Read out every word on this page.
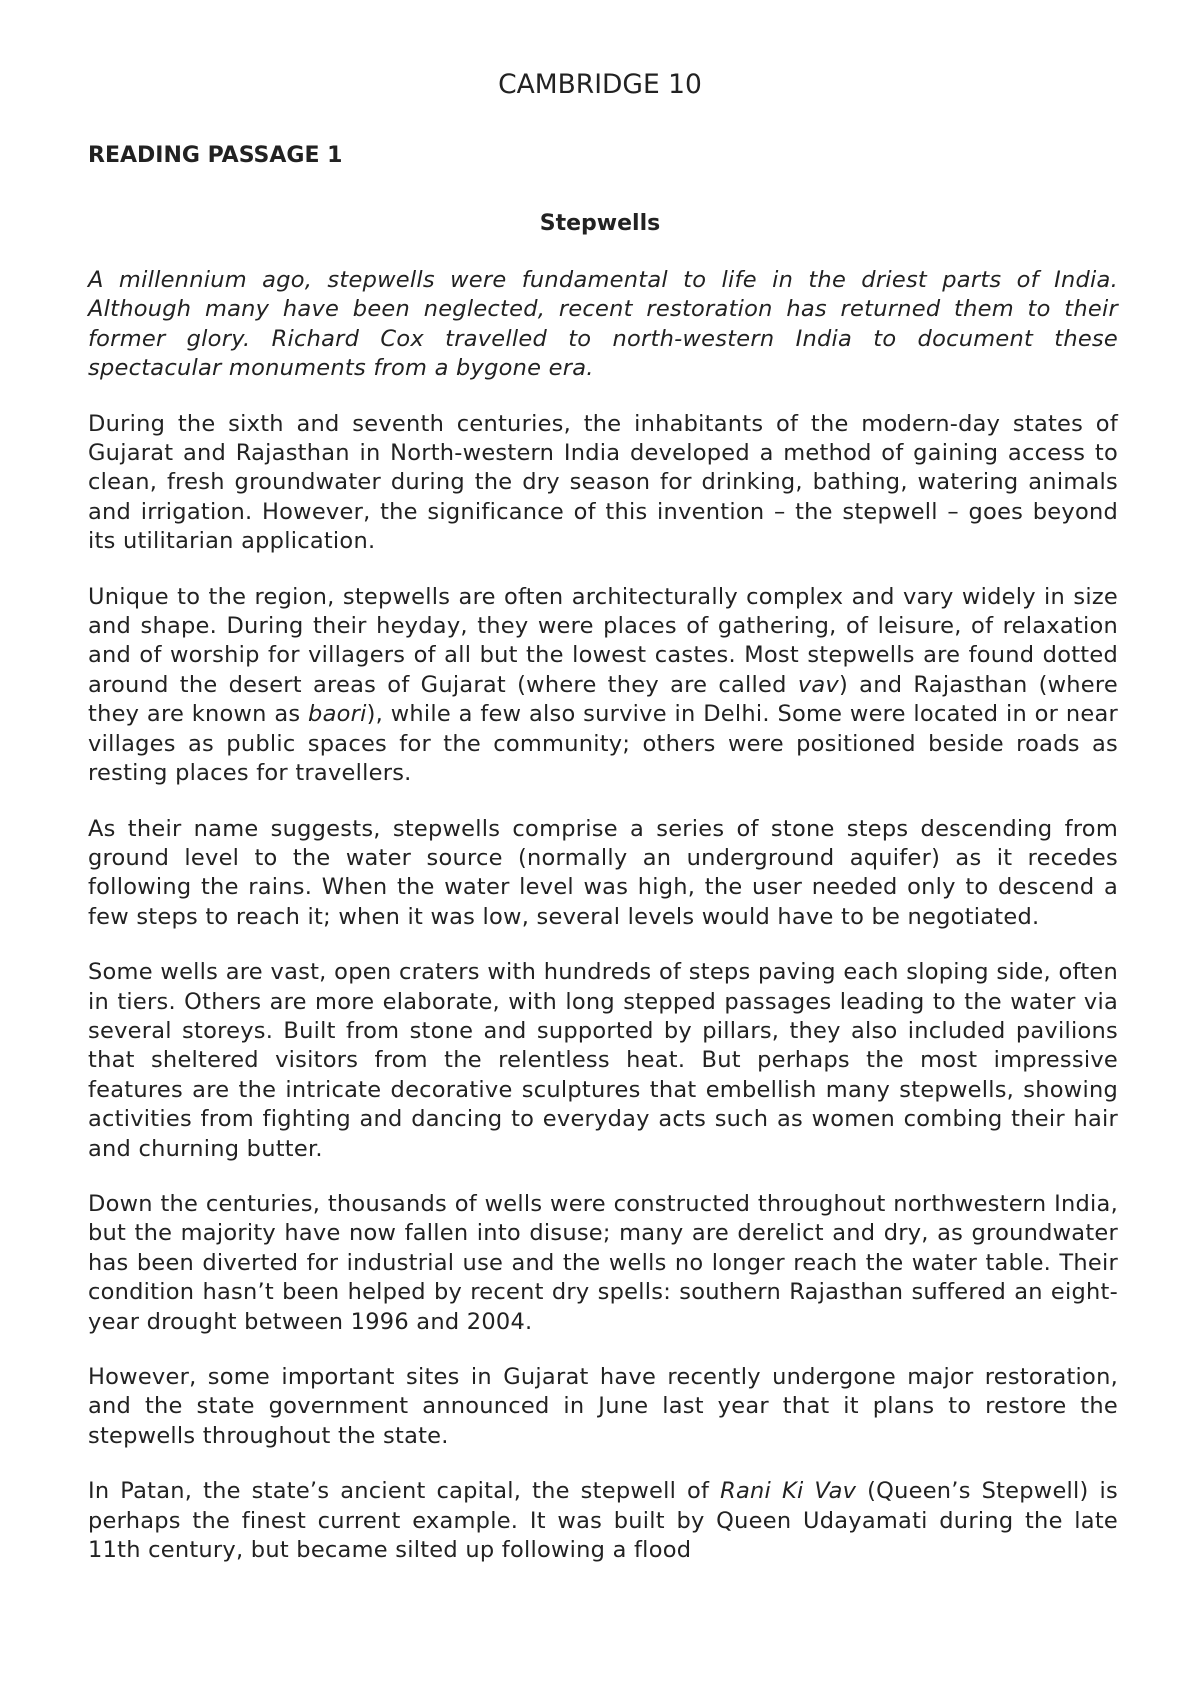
CAMBRIDGE 10
READING PASSAGE 1
Stepwells

A millennium ago, stepwells were fundamental to life in the driest parts of India. Although many have been neglected, recent restoration has returned them to their former glory. Richard Cox travelled to north-western India to document these spectacular monuments from a bygone era.

During the sixth and seventh centuries, the inhabitants of the modern-day states of Gujarat and Rajasthan in North-western India developed a method of gaining access to clean, fresh groundwater during the dry season for drinking, bathing, watering animals and irrigation. However, the significance of this invention – the stepwell – goes beyond its utilitarian application.

Unique to the region, stepwells are often architecturally complex and vary widely in size and shape. During their heyday, they were places of gathering, of leisure, of relaxation and of worship for villagers of all but the lowest castes. Most stepwells are found dotted around the desert areas of Gujarat (where they are called vav) and Rajasthan (where they are known as baori), while a few also survive in Delhi. Some were located in or near villages as public spaces for the community; others were positioned beside roads as resting places for travellers.

As their name suggests, stepwells comprise a series of stone steps descending from ground level to the water source (normally an underground aquifer) as it recedes following the rains. When the water level was high, the user needed only to descend a few steps to reach it; when it was low, several levels would have to be negotiated.

Some wells are vast, open craters with hundreds of steps paving each sloping side, often in tiers. Others are more elaborate, with long stepped passages leading to the water via several storeys. Built from stone and supported by pillars, they also included pavilions that sheltered visitors from the relentless heat. But perhaps the most impressive features are the intricate decorative sculptures that embellish many stepwells, showing activities from fighting and dancing to everyday acts such as women combing their hair and churning butter.

Down the centuries, thousands of wells were constructed throughout northwestern India, but the majority have now fallen into disuse; many are derelict and dry, as groundwater has been diverted for industrial use and the wells no longer reach the water table. Their condition hasn’t been helped by recent dry spells: southern Rajasthan suffered an eight-year drought between 1996 and 2004.

However, some important sites in Gujarat have recently undergone major restoration, and the state government announced in June last year that it plans to restore the stepwells throughout the state.

In Patan, the state’s ancient capital, the stepwell of Rani Ki Vav (Queen’s Stepwell) is perhaps the finest current example. It was built by Queen Udayamati during the late 11th century, but became silted up following a flood
